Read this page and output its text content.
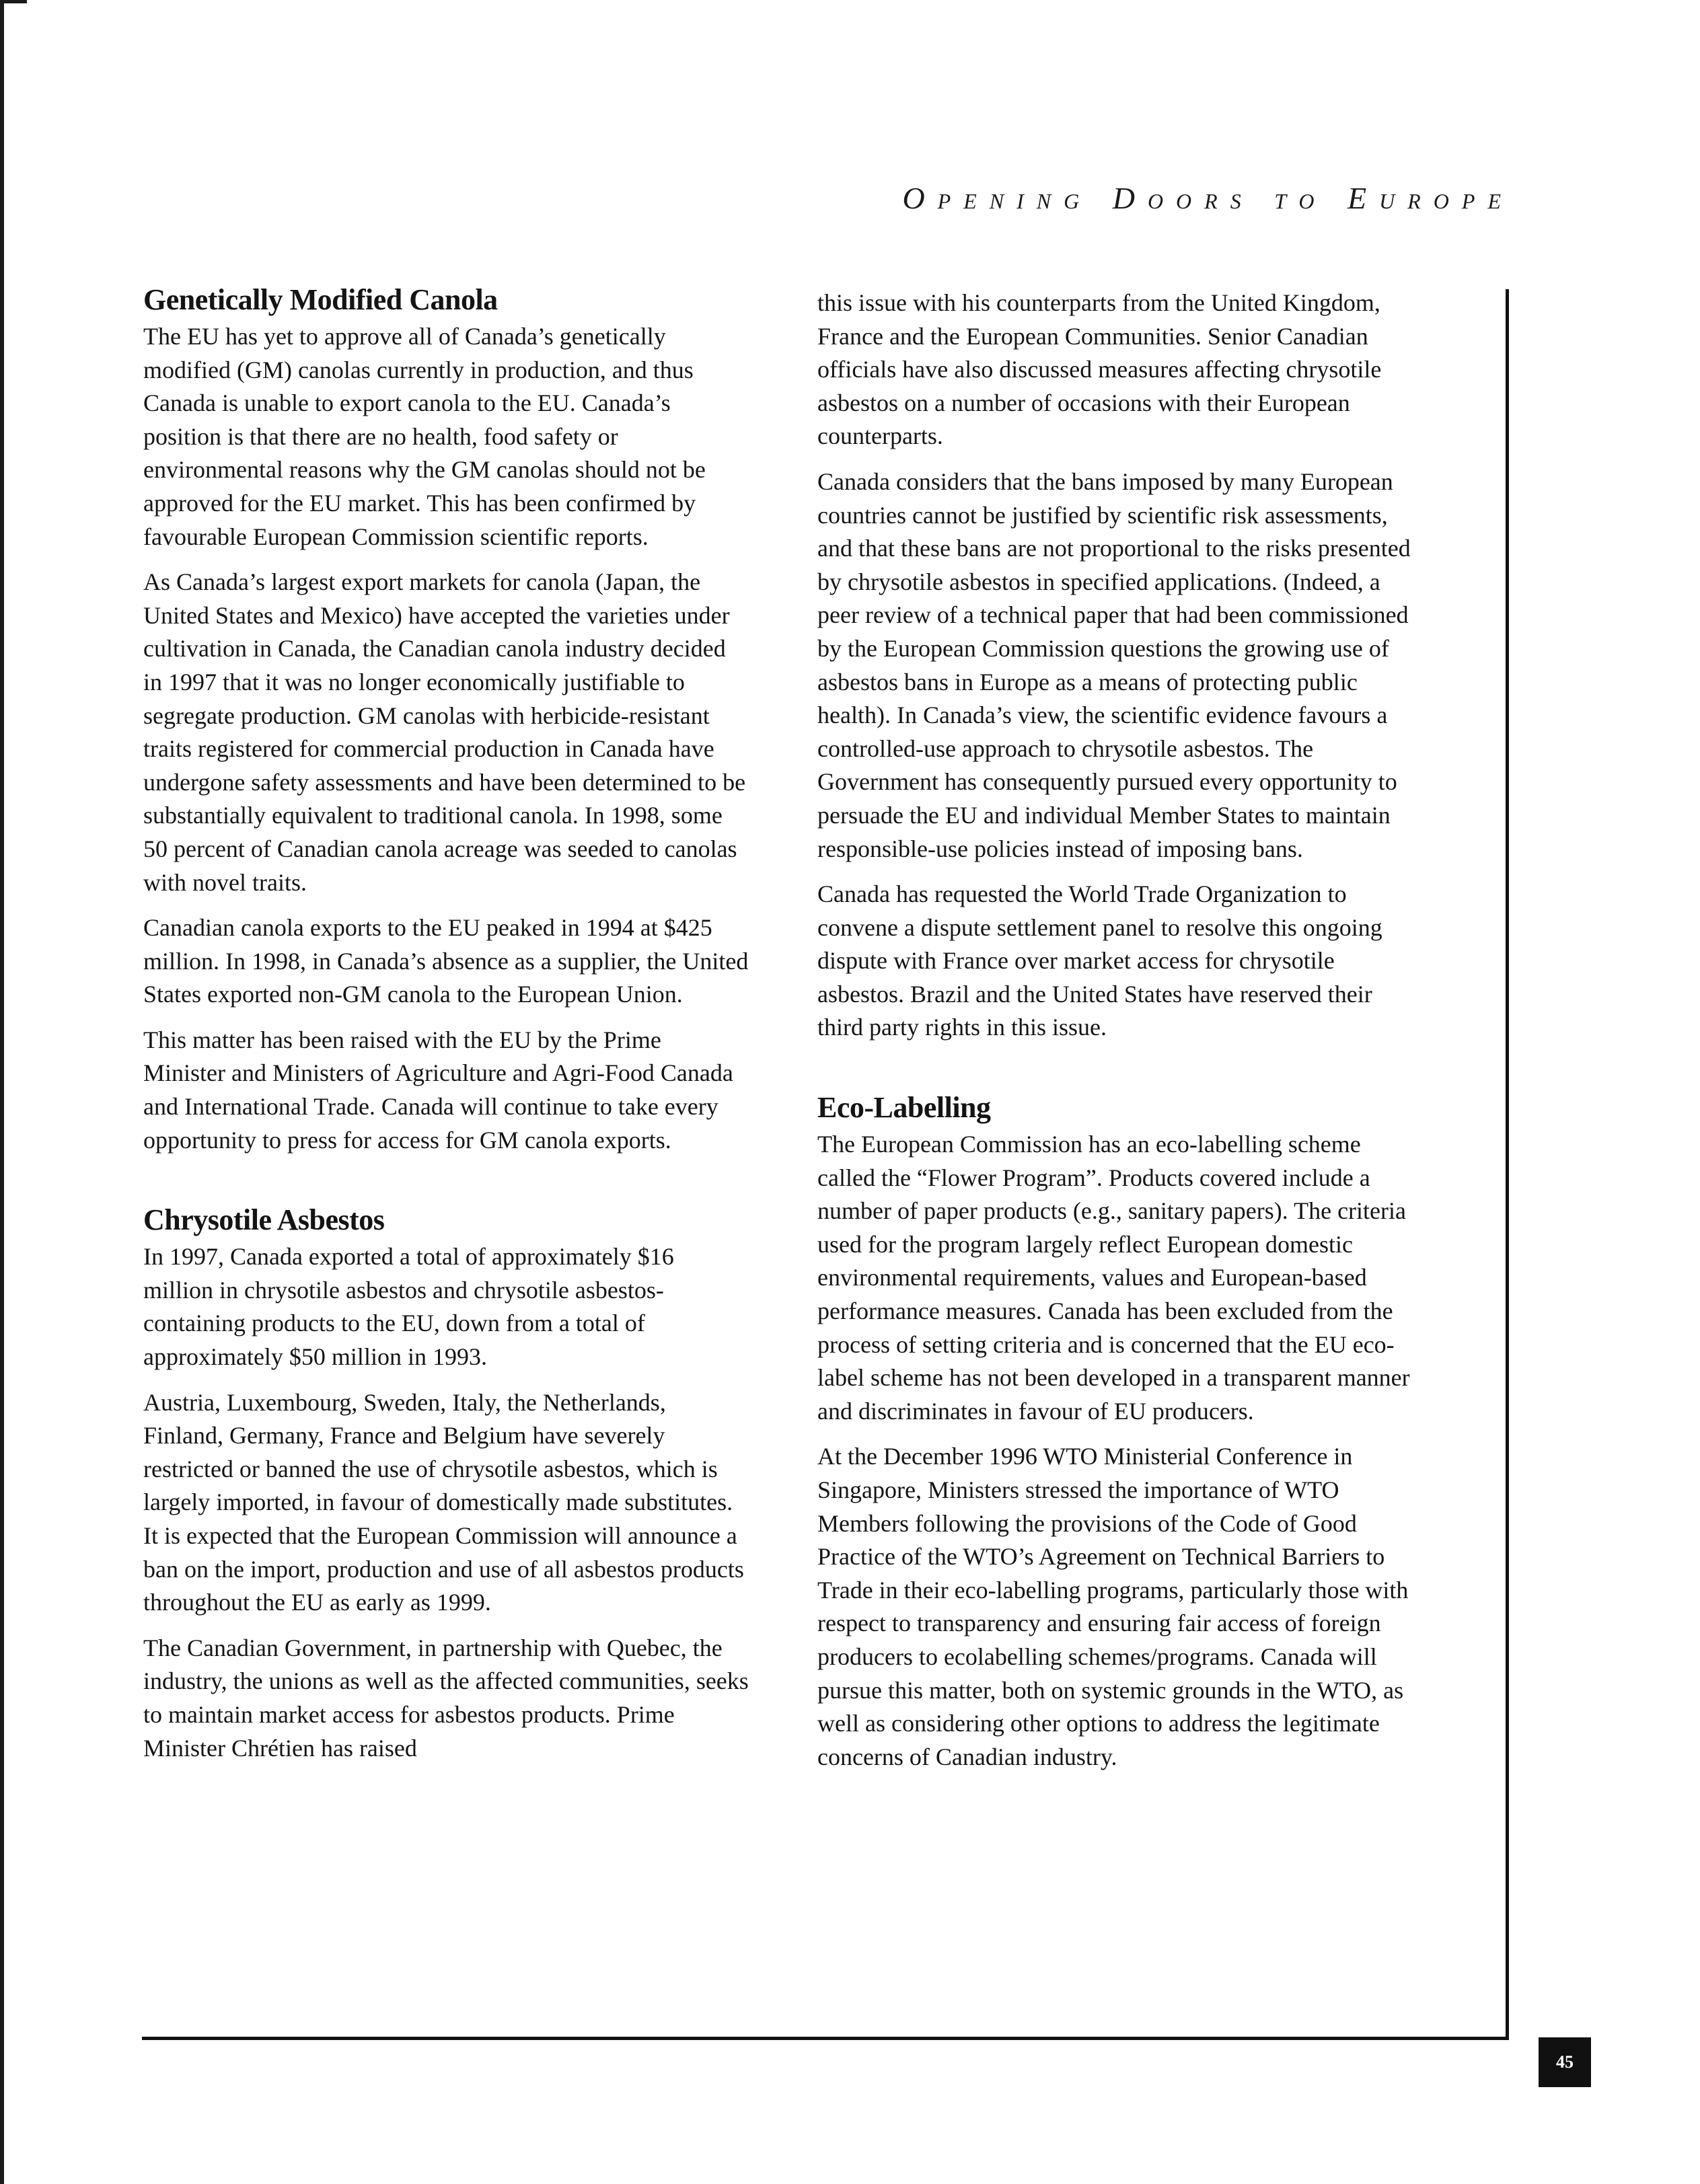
Opening Doors to Europe
Genetically Modified Canola

The EU has yet to approve all of Canada’s genetically modified (GM) canolas currently in production, and thus Canada is unable to export canola to the EU. Canada’s position is that there are no health, food safety or environmental reasons why the GM canolas should not be approved for the EU market. This has been confirmed by favourable European Commission scientific reports.

As Canada’s largest export markets for canola (Japan, the United States and Mexico) have accepted the varieties under cultivation in Canada, the Canadian canola industry decided in 1997 that it was no longer economically justifiable to segregate production. GM canolas with herbicide-resistant traits registered for commercial production in Canada have undergone safety assessments and have been determined to be substantially equivalent to traditional canola. In 1998, some 50 percent of Canadian canola acreage was seeded to canolas with novel traits.

Canadian canola exports to the EU peaked in 1994 at $425 million. In 1998, in Canada’s absence as a supplier, the United States exported non-GM canola to the European Union.

This matter has been raised with the EU by the Prime Minister and Ministers of Agriculture and Agri-Food Canada and International Trade. Canada will continue to take every opportunity to press for access for GM canola exports.

Chrysotile Asbestos

In 1997, Canada exported a total of approximately $16 million in chrysotile asbestos and chrysotile asbestos-containing products to the EU, down from a total of approximately $50 million in 1993.

Austria, Luxembourg, Sweden, Italy, the Netherlands, Finland, Germany, France and Belgium have severely restricted or banned the use of chrysotile asbestos, which is largely imported, in favour of domestically made substitutes. It is expected that the European Commission will announce a ban on the import, production and use of all asbestos products throughout the EU as early as 1999.

The Canadian Government, in partnership with Quebec, the industry, the unions as well as the affected communities, seeks to maintain market access for asbestos products. Prime Minister Chrétien has raised

this issue with his counterparts from the United Kingdom, France and the European Communities. Senior Canadian officials have also discussed measures affecting chrysotile asbestos on a number of occasions with their European counterparts.

Canada considers that the bans imposed by many European countries cannot be justified by scientific risk assessments, and that these bans are not proportional to the risks presented by chrysotile asbestos in specified applications. (Indeed, a peer review of a technical paper that had been commissioned by the European Commission questions the growing use of asbestos bans in Europe as a means of protecting public health). In Canada’s view, the scientific evidence favours a controlled-use approach to chrysotile asbestos. The Government has consequently pursued every opportunity to persuade the EU and individual Member States to maintain responsible-use policies instead of imposing bans.

Canada has requested the World Trade Organization to convene a dispute settlement panel to resolve this ongoing dispute with France over market access for chrysotile asbestos. Brazil and the United States have reserved their third party rights in this issue.

Eco-Labelling

The European Commission has an eco-labelling scheme called the “Flower Program”. Products covered include a number of paper products (e.g., sanitary papers). The criteria used for the program largely reflect European domestic environmental requirements, values and European-based performance measures. Canada has been excluded from the process of setting criteria and is concerned that the EU eco-label scheme has not been developed in a transparent manner and discriminates in favour of EU producers.

At the December 1996 WTO Ministerial Conference in Singapore, Ministers stressed the importance of WTO Members following the provisions of the Code of Good Practice of the WTO’s Agreement on Technical Barriers to Trade in their eco-labelling programs, particularly those with respect to transparency and ensuring fair access of foreign producers to ecolabelling schemes/programs. Canada will pursue this matter, both on systemic grounds in the WTO, as well as considering other options to address the legitimate concerns of Canadian industry.

45
